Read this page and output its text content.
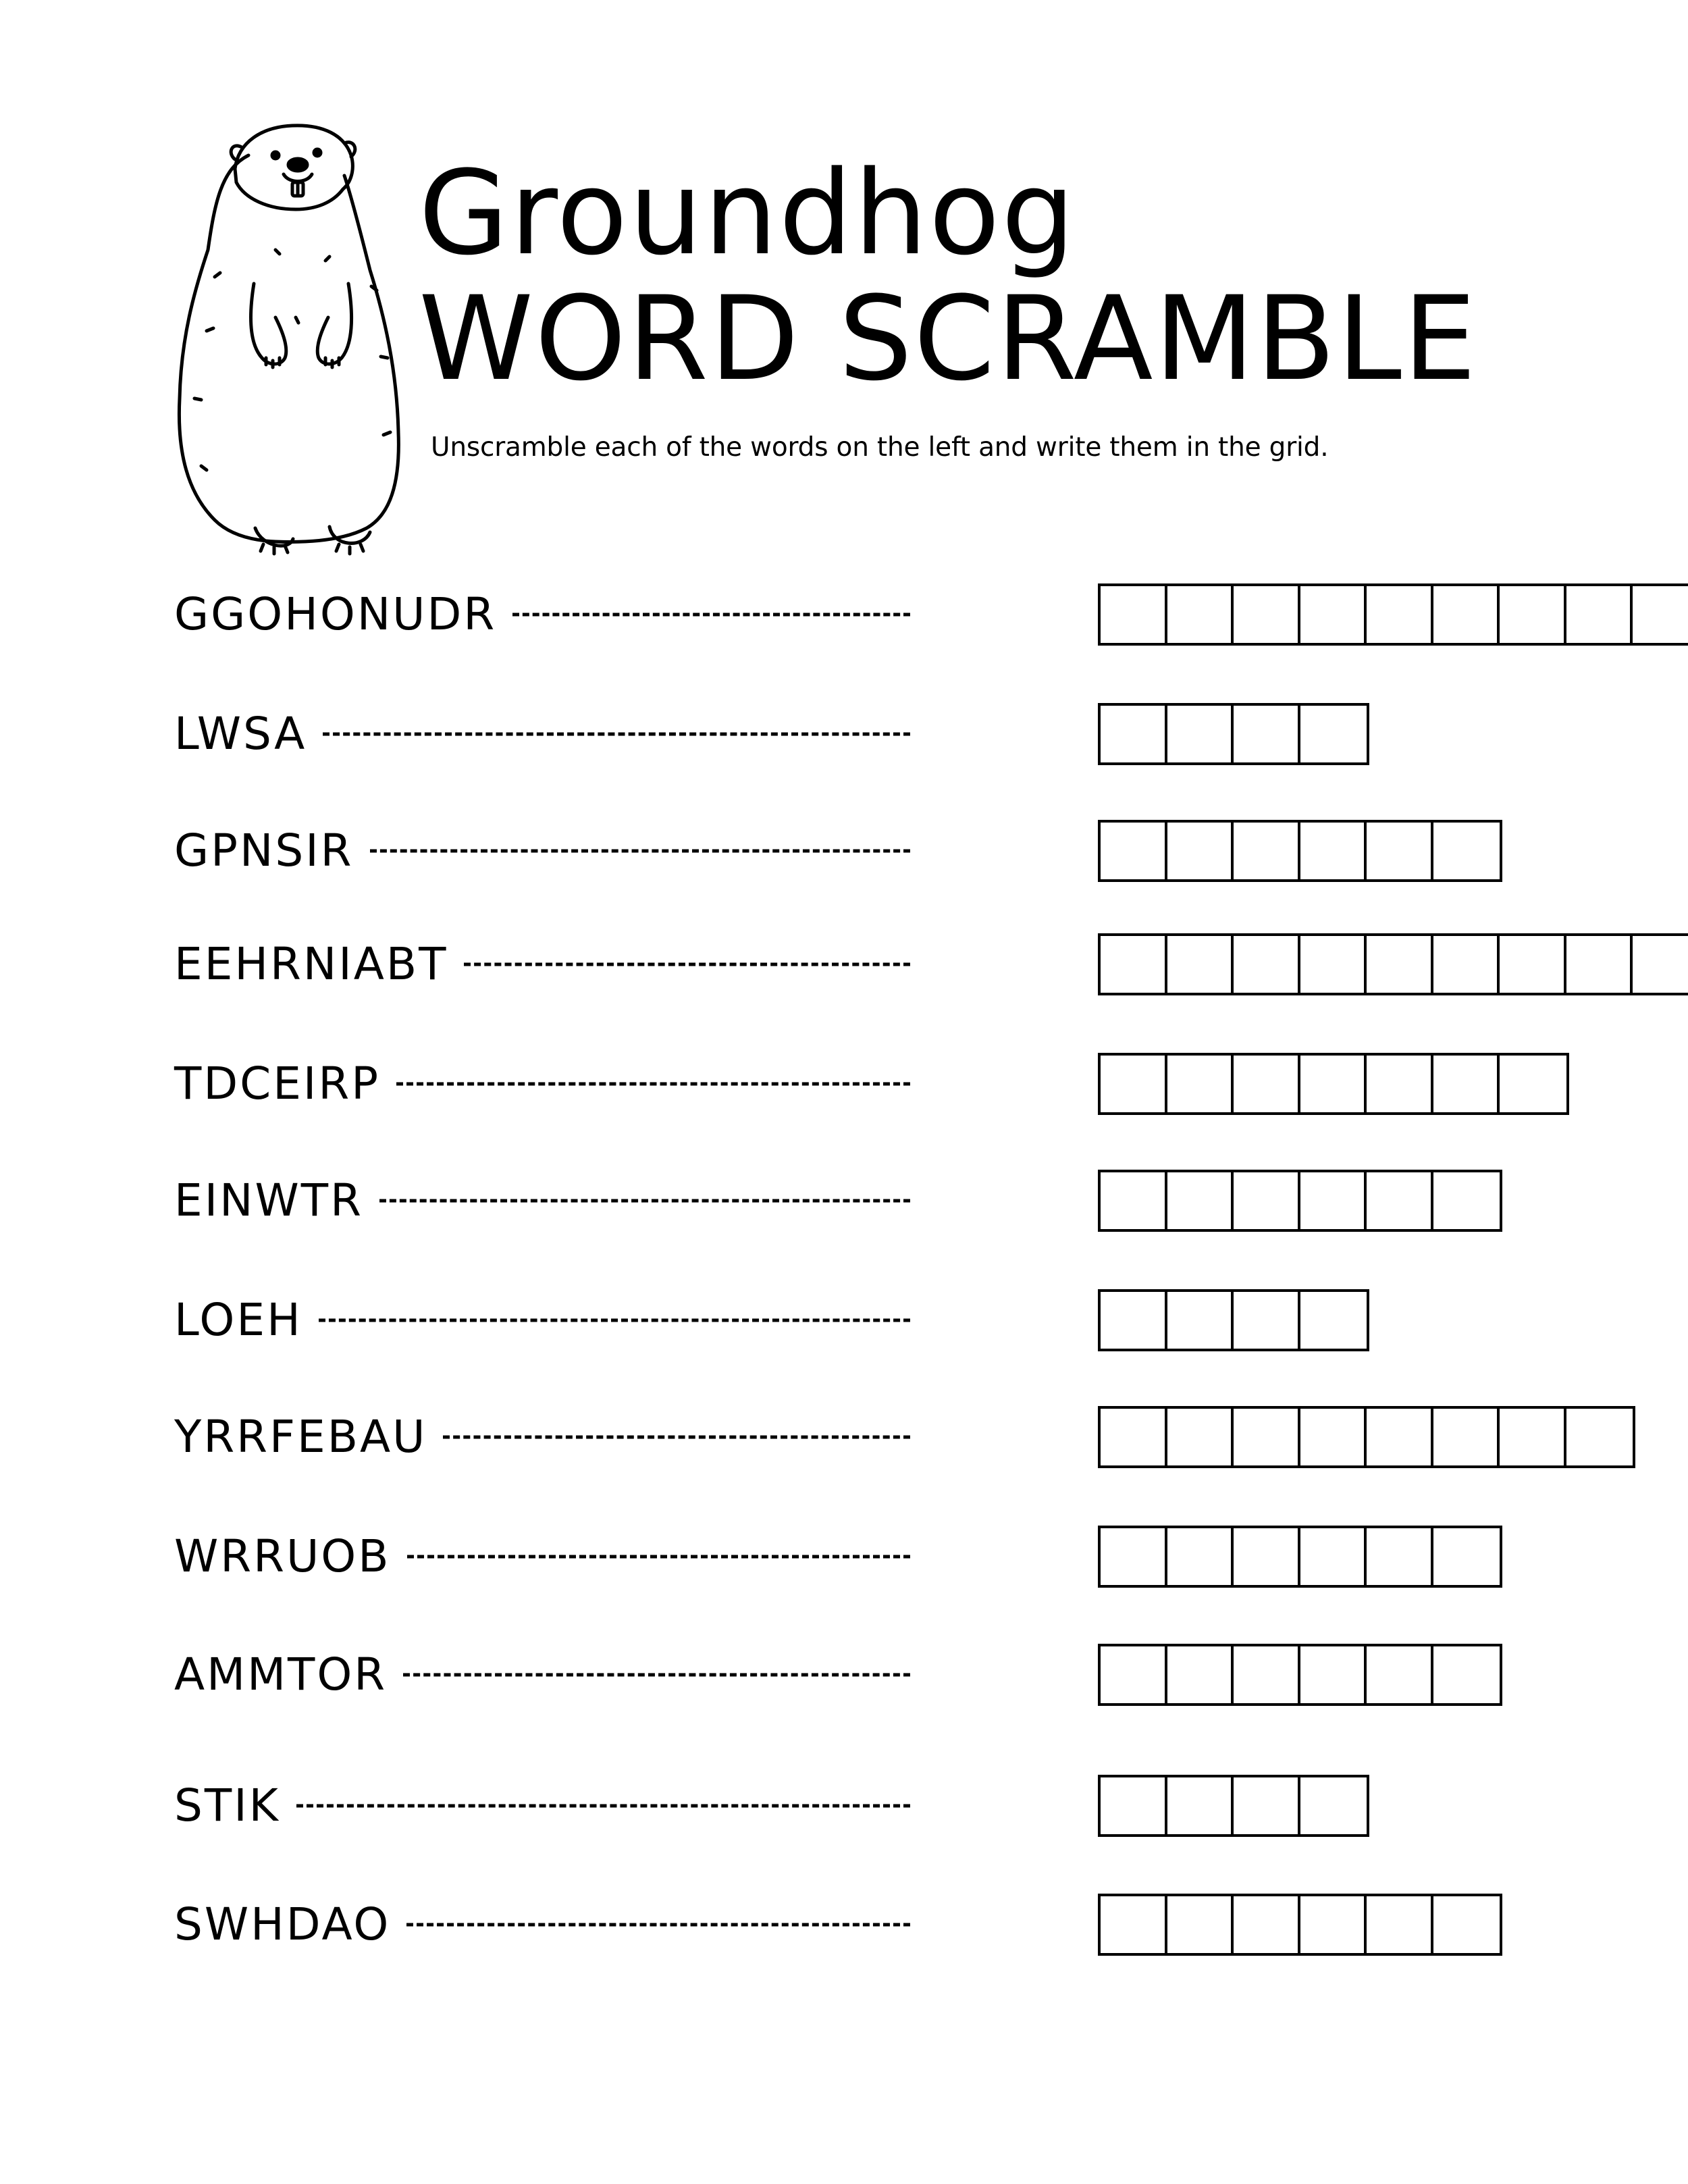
Groundhog
WORD SCRAMBLE

Unscramble each of the words on the left and write them in the grid.

GGOHONUDR
LWSA
GPNSIR
EEHRNIABT
TDCEIRP
EINWTR
LOEH
YRRFEBAU
WRRUOB
AMMTOR
STIK
SWHDAO
